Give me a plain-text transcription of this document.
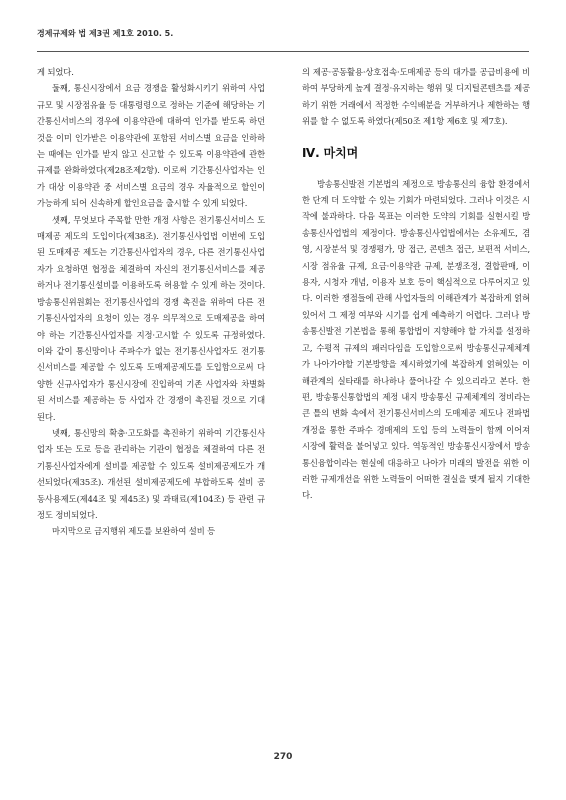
경제규제와 법 제3권 제1호 2010. 5.

게 되었다.

둘째, 통신시장에서 요금 경쟁을 활성화시키기 위하여 사업규모 및 시장점유율 등 대통령령으로 정하는 기준에 해당하는 기간통신서비스의 경우에 이용약관에 대하여 인가를 받도록 하던 것을 이미 인가받은 이용약관에 포함된 서비스별 요금을 인하하는 때에는 인가를 받지 않고 신고할 수 있도록 이용약관에 관한 규제를 완화하였다(제28조제2항). 이로써 기간통신사업자는 인가 대상 이용약관 중 서비스별 요금의 경우 자율적으로 할인이 가능하게 되어 신속하게 할인요금을 출시할 수 있게 되었다.

셋째, 무엇보다 주목할 만한 개정 사항은 전기통신서비스 도매제공 제도의 도입이다(제38조). 전기통신사업법 이번에 도입된 도매제공 제도는 기간통신사업자의 경우, 다른 전기통신사업자가 요청하면 협정을 체결하여 자신의 전기통신서비스를 제공하거나 전기통신설비를 이용하도록 허용할 수 있게 하는 것이다. 방송통신위원회는 전기통신사업의 경쟁 촉진을 위하여 다른 전기통신사업자의 요청이 있는 경우 의무적으로 도매제공을 하여야 하는 기간통신사업자를 지정·고시할 수 있도록 규정하였다. 이와 같이 통신망이나 주파수가 없는 전기통신사업자도 전기통신서비스를 제공할 수 있도록 도매제공제도를 도입함으로써 다양한 신규사업자가 통신시장에 진입하여 기존 사업자와 차별화된 서비스를 제공하는 등 사업자 간 경쟁이 촉진될 것으로 기대된다.

넷째, 통신망의 확충·고도화를 촉진하기 위하여 기간통신사업자 또는 도로 등을 관리하는 기관이 협정을 체결하여 다른 전기통신사업자에게 설비를 제공할 수 있도록 설비제공제도가 개선되었다(제35조). 개선된 설비제공제도에 부합하도록 설비 공동사용제도(제44조 및 제45조) 및 과태료(제104조) 등 관련 규정도 정비되었다.

마지막으로 금지행위 제도를 보완하여 설비 등

의 제공·공동활용·상호접속·도매제공 등의 대가를 공급비용에 비하여 부당하게 높게 결정·유지하는 행위 및 디지털콘텐츠를 제공하기 위한 거래에서 적정한 수익배분을 거부하거나 제한하는 행위를 할 수 없도록 하였다(제50조 제1항 제6호 및 제7호).

Ⅳ. 마치며

방송통신발전 기본법의 제정으로 방송통신의 융합 환경에서 한 단계 더 도약할 수 있는 기회가 마련되었다. 그러나 이것은 시작에 불과하다. 다음 목표는 이러한 도약의 기회를 실현시킬 방송통신사업법의 제정이다. 방송통신사업법에서는 소유제도, 겸영, 시장분석 및 경쟁평가, 망 접근, 콘텐츠 접근, 보편적 서비스, 시장 점유율 규제, 요금·이용약관 규제, 분쟁조정, 결합판매, 이용자, 시청자 개념, 이용자 보호 등이 핵심적으로 다루어지고 있다. 이러한 쟁점들에 관해 사업자들의 이해관계가 복잡하게 얽혀 있어서 그 제정 여부와 시기를 쉽게 예측하기 어렵다. 그러나 방송통신발전 기본법을 통해 통합법이 지향해야 할 가치를 설정하고, 수평적 규제의 패러다임을 도입함으로써 방송통신규제체계가 나아가야할 기본방향을 제시하였기에 복잡하게 얽혀있는 이해관계의 실타래를 하나하나 풀어나갈 수 있으리라고 본다. 한편, 방송통신통합법의 제정 내지 방송통신 규제체계의 정비라는 큰 틀의 변화 속에서 전기통신서비스의 도매제공 제도나 전파법 개정을 통한 주파수 경매제의 도입 등의 노력들이 함께 이어져 시장에 활력을 불어넣고 있다. 역동적인 방송통신시장에서 방송통신융합이라는 현실에 대응하고 나아가 미래의 발전을 위한 이러한 규제개선을 위한 노력들이 어떠한 결실을 맺게 될지 기대한다.

270
